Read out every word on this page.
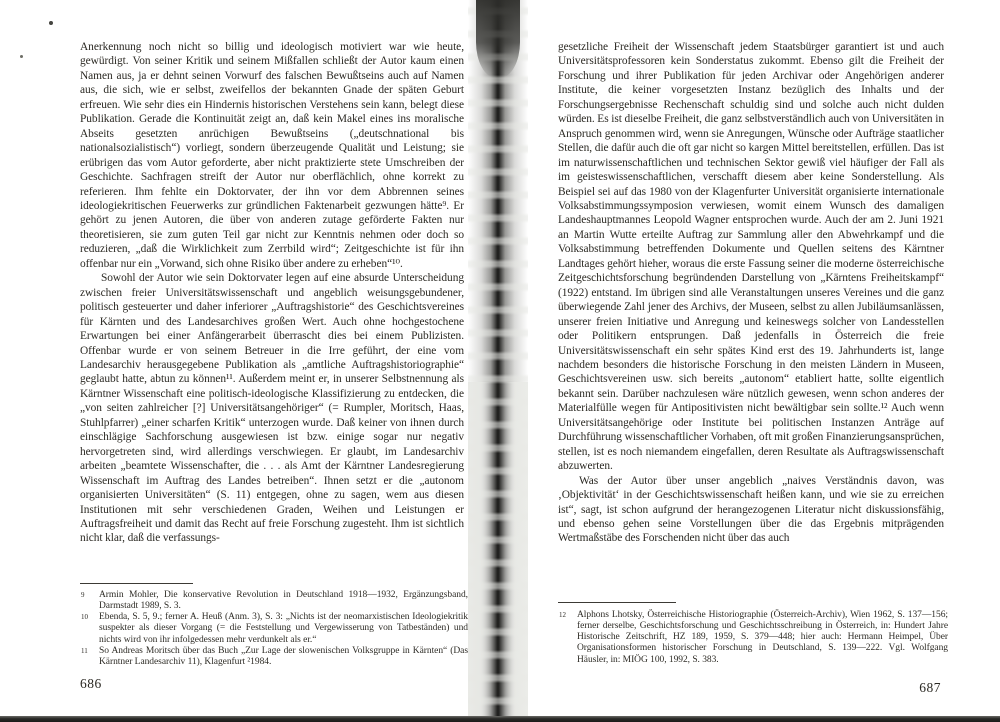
Anerkennung noch nicht so billig und ideologisch motiviert war wie heute, gewürdigt. Von seiner Kritik und seinem Mißfallen schließt der Autor kaum einen Namen aus, ja er dehnt seinen Vorwurf des falschen Bewußtseins auch auf Namen aus, die sich, wie er selbst, zweifellos der bekannten Gnade der späten Geburt erfreuen. Wie sehr dies ein Hindernis historischen Verstehens sein kann, belegt diese Publikation. Gerade die Kontinuität zeigt an, daß kein Makel eines ins moralische Abseits gesetzten anrüchigen Bewußtseins („deutschnational bis nationalsozialistisch“) vorliegt, sondern überzeugende Qualität und Leistung; sie erübrigen das vom Autor geforderte, aber nicht praktizierte stete Umschreiben der Geschichte. Sachfragen streift der Autor nur oberflächlich, ohne korrekt zu referieren. Ihm fehlte ein Doktorvater, der ihn vor dem Abbrennen seines ideologiekritischen Feuerwerks zur gründlichen Faktenarbeit gezwungen hätte⁹. Er gehört zu jenen Autoren, die über von anderen zutage geförderte Fakten nur theoretisieren, sie zum guten Teil gar nicht zur Kenntnis nehmen oder doch so reduzieren, „daß die Wirklichkeit zum Zerrbild wird“; Zeitgeschichte ist für ihn offenbar nur ein „Vorwand, sich ohne Risiko über andere zu erheben“¹⁰.

Sowohl der Autor wie sein Doktorvater legen auf eine absurde Unterscheidung zwischen freier Universitätswissenschaft und angeblich weisungsgebundener, politisch gesteuerter und daher inferiorer „Auftragshistorie“ des Geschichtsvereines für Kärnten und des Landesarchives großen Wert. Auch ohne hochgestochene Erwartungen bei einer Anfängerarbeit überrascht dies bei einem Publizisten. Offenbar wurde er von seinem Betreuer in die Irre geführt, der eine vom Landesarchiv herausgegebene Publikation als „amtliche Auftragshistoriographie“ geglaubt hatte, abtun zu können¹¹. Außerdem meint er, in unserer Selbstnennung als Kärntner Wissenschaft eine politisch-ideologische Klassifizierung zu entdecken, die „von seiten zahlreicher [?] Universitätsangehöriger“ (= Rumpler, Moritsch, Haas, Stuhlpfarrer) „einer scharfen Kritik“ unterzogen wurde. Daß keiner von ihnen durch einschlägige Sachforschung ausgewiesen ist bzw. einige sogar nur negativ hervorgetreten sind, wird allerdings verschwiegen. Er glaubt, im Landesarchiv arbeiten „beamtete Wissenschafter, die . . . als Amt der Kärntner Landesregierung Wissenschaft im Auftrag des Landes betreiben“. Ihnen setzt er die „autonom organisierten Universitäten“ (S. 11) entgegen, ohne zu sagen, wem aus diesen Institutionen mit sehr verschiedenen Graden, Weihen und Leistungen er Auftragsfreiheit und damit das Recht auf freie Forschung zugesteht. Ihm ist sichtlich nicht klar, daß die verfassungs-

9 Armin Mohler, Die konservative Revolution in Deutschland 1918—1932, Ergänzungsband, Darmstadt 1989, S. 3.

10 Ebenda, S. 5, 9.; ferner A. Heuß (Anm. 3), S. 3: „Nichts ist der neomarxistischen Ideologiekritik suspekter als dieser Vorgang (= die Feststellung und Vergewisserung von Tatbeständen) und nichts wird von ihr infolgedessen mehr verdunkelt als er.“

11 So Andreas Moritsch über das Buch „Zur Lage der slowenischen Volksgruppe in Kärnten“ (Das Kärntner Landesarchiv 11), Klagenfurt ²1984.

686

gesetzliche Freiheit der Wissenschaft jedem Staatsbürger garantiert ist und auch Universitätsprofessoren kein Sonderstatus zukommt. Ebenso gilt die Freiheit der Forschung und ihrer Publikation für jeden Archivar oder Angehörigen anderer Institute, die keiner vorgesetzten Instanz bezüglich des Inhalts und der Forschungsergebnisse Rechenschaft schuldig sind und solche auch nicht dulden würden. Es ist dieselbe Freiheit, die ganz selbstverständlich auch von Universitäten in Anspruch genommen wird, wenn sie Anregungen, Wünsche oder Aufträge staatlicher Stellen, die dafür auch die oft gar nicht so kargen Mittel bereitstellen, erfüllen. Das ist im naturwissenschaftlichen und technischen Sektor gewiß viel häufiger der Fall als im geisteswissenschaftlichen, verschafft diesem aber keine Sonderstellung. Als Beispiel sei auf das 1980 von der Klagenfurter Universität organisierte internationale Volksabstimmungssymposion verwiesen, womit einem Wunsch des damaligen Landeshauptmannes Leopold Wagner entsprochen wurde. Auch der am 2. Juni 1921 an Martin Wutte erteilte Auftrag zur Sammlung aller den Abwehrkampf und die Volksabstimmung betreffenden Dokumente und Quellen seitens des Kärntner Landtages gehört hieher, woraus die erste Fassung seiner die moderne österreichische Zeitgeschichtsforschung begründenden Darstellung von „Kärntens Freiheitskampf“ (1922) entstand. Im übrigen sind alle Veranstaltungen unseres Vereines und die ganz überwiegende Zahl jener des Archivs, der Museen, selbst zu allen Jubiläumsanlässen, unserer freien Initiative und Anregung und keineswegs solcher von Landesstellen oder Politikern entsprungen. Daß jedenfalls in Österreich die freie Universitätswissenschaft ein sehr spätes Kind erst des 19. Jahrhunderts ist, lange nachdem besonders die historische Forschung in den meisten Ländern in Museen, Geschichtsvereinen usw. sich bereits „autonom“ etabliert hatte, sollte eigentlich bekannt sein. Darüber nachzulesen wäre nützlich gewesen, wenn schon anderes der Materialfülle wegen für Antipositivisten nicht bewältigbar sein sollte.¹² Auch wenn Universitätsangehörige oder Institute bei politischen Instanzen Anträge auf Durchführung wissenschaftlicher Vorhaben, oft mit großen Finanzierungsansprüchen, stellen, ist es noch niemandem eingefallen, deren Resultate als Auftragswissenschaft abzuwerten.

Was der Autor über unser angeblich „naives Verständnis davon, was ‚Objektivität‘ in der Geschichtswissenschaft heißen kann, und wie sie zu erreichen ist“, sagt, ist schon aufgrund der herangezogenen Literatur nicht diskussionsfähig, und ebenso gehen seine Vorstellungen über die das Ergebnis mitprägenden Wertmaßstäbe des Forschenden nicht über das auch

12 Alphons Lhotsky, Österreichische Historiographie (Österreich-Archiv), Wien 1962, S. 137—156; ferner derselbe, Geschichtsforschung und Geschichtsschreibung in Österreich, in: Hundert Jahre Historische Zeitschrift, HZ 189, 1959, S. 379—448; hier auch: Hermann Heimpel, Über Organisationsformen historischer Forschung in Deutschland, S. 139—222. Vgl. Wolfgang Häusler, in: MIÖG 100, 1992, S. 383.

687
